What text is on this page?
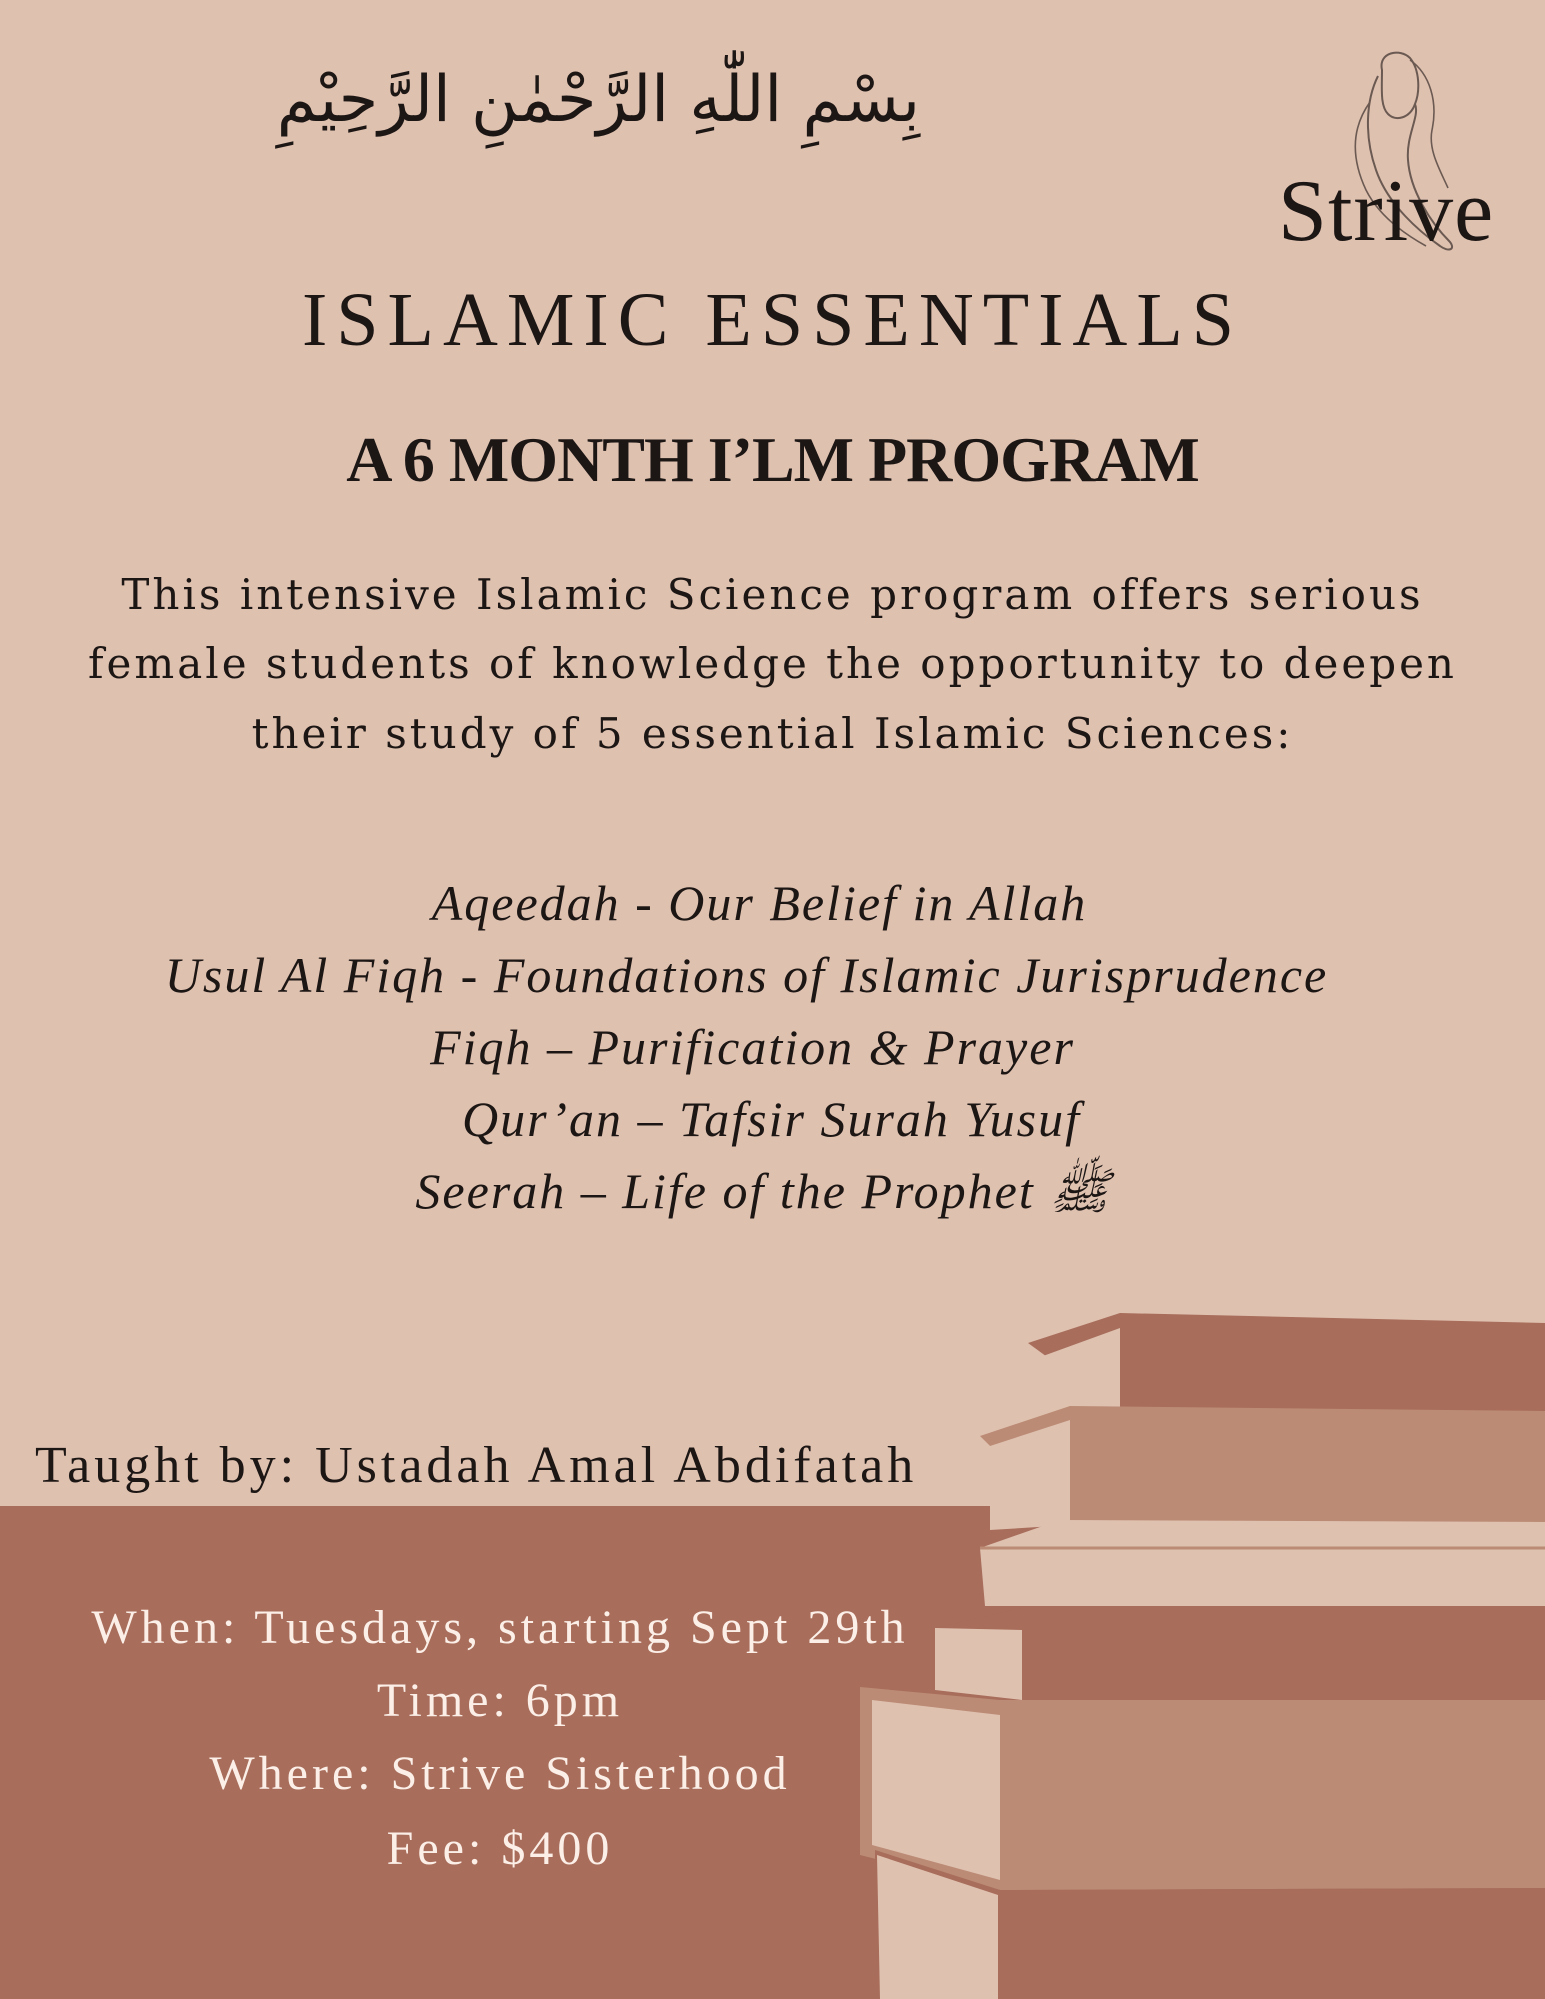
بِسْمِ اللّٰهِ الرَّحْمٰنِ الرَّحِيْمِ
Strive
ISLAMIC ESSENTIALS
A 6 MONTH I’LM PROGRAM

This intensive Islamic Science program offers serious

female students of knowledge the opportunity to deepen

their study of 5 essential Islamic Sciences:

Aqeedah - Our Belief in Allah

Usul Al Fiqh - Foundations of Islamic Jurisprudence

Fiqh – Purification & Prayer

Qur’an – Tafsir Surah Yusuf

Seerah – Life of the Prophet ﷺ

Taught by: Ustadah Amal Abdifatah

When: Tuesdays, starting Sept 29th

Time: 6pm

Where: Strive Sisterhood

Fee: $400
